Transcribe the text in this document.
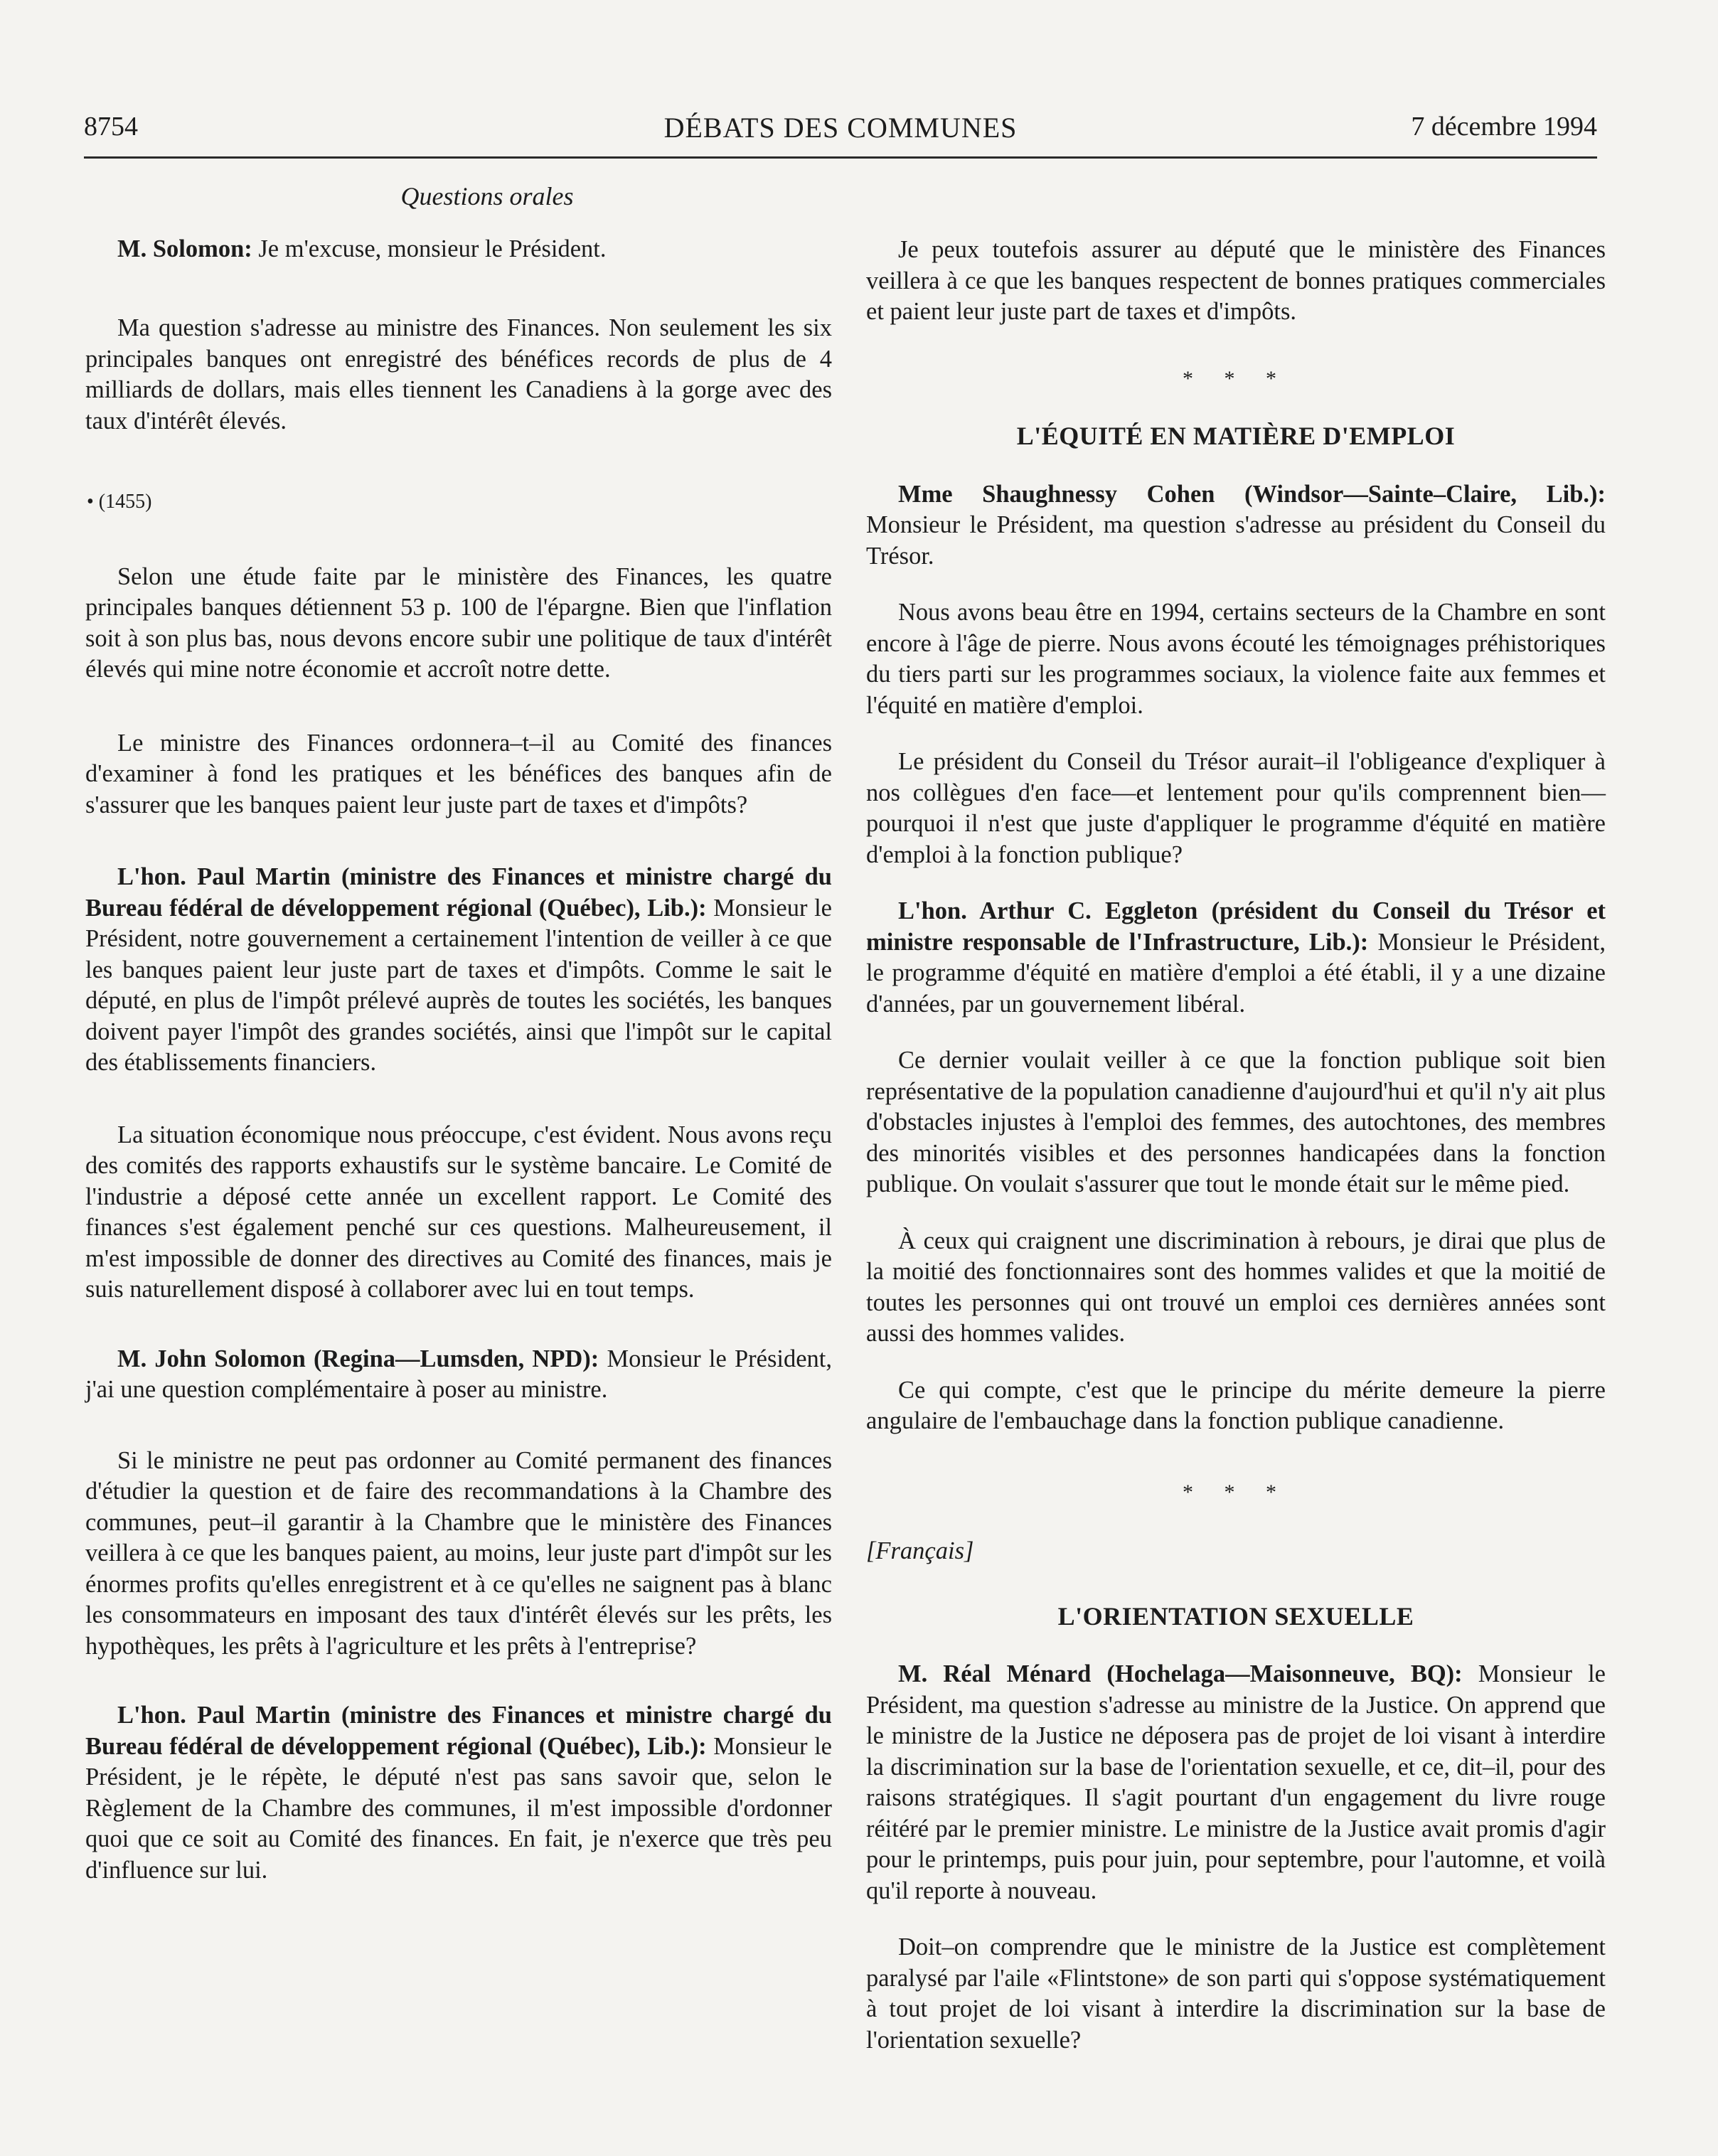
8754	DÉBATS DES COMMUNES	7 décembre 1994
Questions orales

M. Solomon: Je m'excuse, monsieur le Président.

Ma question s'adresse au ministre des Finances. Non seulement les six principales banques ont enregistré des bénéfices records de plus de 4 milliards de dollars, mais elles tiennent les Canadiens à la gorge avec des taux d'intérêt élevés.

• (1455)

Selon une étude faite par le ministère des Finances, les quatre principales banques détiennent 53 p. 100 de l'épargne. Bien que l'inflation soit à son plus bas, nous devons encore subir une politique de taux d'intérêt élevés qui mine notre économie et accroît notre dette.

Le ministre des Finances ordonnera–t–il au Comité des finances d'examiner à fond les pratiques et les bénéfices des banques afin de s'assurer que les banques paient leur juste part de taxes et d'impôts?

L'hon. Paul Martin (ministre des Finances et ministre chargé du Bureau fédéral de développement régional (Québec), Lib.): Monsieur le Président, notre gouvernement a certainement l'intention de veiller à ce que les banques paient leur juste part de taxes et d'impôts. Comme le sait le député, en plus de l'impôt prélevé auprès de toutes les sociétés, les banques doivent payer l'impôt des grandes sociétés, ainsi que l'impôt sur le capital des établissements financiers.

La situation économique nous préoccupe, c'est évident. Nous avons reçu des comités des rapports exhaustifs sur le système bancaire. Le Comité de l'industrie a déposé cette année un excellent rapport. Le Comité des finances s'est également penché sur ces questions. Malheureusement, il m'est impossible de donner des directives au Comité des finances, mais je suis naturellement disposé à collaborer avec lui en tout temps.

M. John Solomon (Regina—Lumsden, NPD): Monsieur le Président, j'ai une question complémentaire à poser au ministre.

Si le ministre ne peut pas ordonner au Comité permanent des finances d'étudier la question et de faire des recommandations à la Chambre des communes, peut–il garantir à la Chambre que le ministère des Finances veillera à ce que les banques paient, au moins, leur juste part d'impôt sur les énormes profits qu'elles enregistrent et à ce qu'elles ne saignent pas à blanc les consommateurs en imposant des taux d'intérêt élevés sur les prêts, les hypothèques, les prêts à l'agriculture et les prêts à l'entreprise?

L'hon. Paul Martin (ministre des Finances et ministre chargé du Bureau fédéral de développement régional (Québec), Lib.): Monsieur le Président, je le répète, le député n'est pas sans savoir que, selon le Règlement de la Chambre des communes, il m'est impossible d'ordonner quoi que ce soit au Comité des finances. En fait, je n'exerce que très peu d'influence sur lui.

Je peux toutefois assurer au député que le ministère des Finances veillera à ce que les banques respectent de bonnes pratiques commerciales et paient leur juste part de taxes et d'impôts.

* * *
L'ÉQUITÉ EN MATIÈRE D'EMPLOI

Mme Shaughnessy Cohen (Windsor—Sainte–Claire, Lib.): Monsieur le Président, ma question s'adresse au président du Conseil du Trésor.

Nous avons beau être en 1994, certains secteurs de la Chambre en sont encore à l'âge de pierre. Nous avons écouté les témoignages préhistoriques du tiers parti sur les programmes sociaux, la violence faite aux femmes et l'équité en matière d'emploi.

Le président du Conseil du Trésor aurait–il l'obligeance d'expliquer à nos collègues d'en face—et lentement pour qu'ils comprennent bien—pourquoi il n'est que juste d'appliquer le programme d'équité en matière d'emploi à la fonction publique?

L'hon. Arthur C. Eggleton (président du Conseil du Trésor et ministre responsable de l'Infrastructure, Lib.): Monsieur le Président, le programme d'équité en matière d'emploi a été établi, il y a une dizaine d'années, par un gouvernement libéral.

Ce dernier voulait veiller à ce que la fonction publique soit bien représentative de la population canadienne d'aujourd'hui et qu'il n'y ait plus d'obstacles injustes à l'emploi des femmes, des autochtones, des membres des minorités visibles et des personnes handicapées dans la fonction publique. On voulait s'assurer que tout le monde était sur le même pied.

À ceux qui craignent une discrimination à rebours, je dirai que plus de la moitié des fonctionnaires sont des hommes valides et que la moitié de toutes les personnes qui ont trouvé un emploi ces dernières années sont aussi des hommes valides.

Ce qui compte, c'est que le principe du mérite demeure la pierre angulaire de l'embauchage dans la fonction publique canadienne.

* * *
[Français]
L'ORIENTATION SEXUELLE

M. Réal Ménard (Hochelaga—Maisonneuve, BQ): Monsieur le Président, ma question s'adresse au ministre de la Justice. On apprend que le ministre de la Justice ne déposera pas de projet de loi visant à interdire la discrimination sur la base de l'orientation sexuelle, et ce, dit–il, pour des raisons stratégiques. Il s'agit pourtant d'un engagement du livre rouge réitéré par le premier ministre. Le ministre de la Justice avait promis d'agir pour le printemps, puis pour juin, pour septembre, pour l'automne, et voilà qu'il reporte à nouveau.

Doit–on comprendre que le ministre de la Justice est complètement paralysé par l'aile «Flintstone» de son parti qui s'oppose systématiquement à tout projet de loi visant à interdire la discrimination sur la base de l'orientation sexuelle?
